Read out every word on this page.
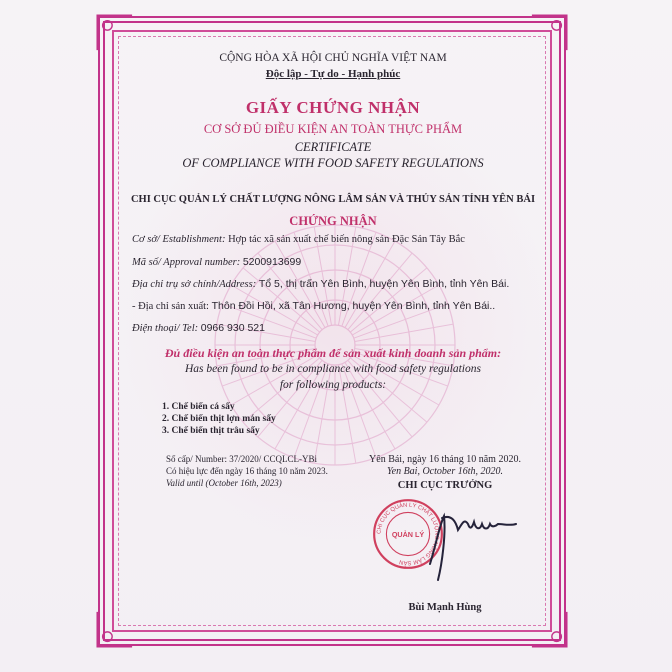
CỘNG HÒA XÃ HỘI CHỦ NGHĨA VIỆT NAM
Độc lập - Tự do - Hạnh phúc
GIẤY CHỨNG NHẬN
CƠ SỞ ĐỦ ĐIỀU KIỆN AN TOÀN THỰC PHẨM
CERTIFICATE
OF COMPLIANCE WITH FOOD SAFETY REGULATIONS
CHI CỤC QUẢN LÝ CHẤT LƯỢNG NÔNG LÂM SẢN VÀ THỦY SẢN TỈNH YÊN BÁI
CHỨNG NHẬN
Cơ sở/ Establishment: Hợp tác xã sản xuất chế biến nông sản Đặc Sản Tây Bắc
Mã số/ Approval number: 5200913699
Địa chỉ trụ sở chính/Address: Tổ 5, thị trấn Yên Bình, huyện Yên Bình, tỉnh Yên Bái.
- Địa chỉ sản xuất: Thôn Đồi Hồi, xã Tân Hương, huyện Yên Bình, tỉnh Yên Bái..
Điện thoại/ Tel: 0966 930 521
Đủ điều kiện an toàn thực phẩm để sản xuất kinh doanh sản phẩm:
Has been found to be in compliance with food safety regulations
for following products:
1. Chế biến cá sấy
2. Chế biến thịt lợn mán sấy
3. Chế biến thịt trâu sấy
Số cấp/ Number: 37/2020/ CCQLCL-YBi
Có hiệu lực đến ngày 16 tháng 10 năm 2023.
Valid until (October 16th, 2023)
Yên Bái, ngày 16 tháng 10 năm 2020.
Yen Bai, October 16th, 2020.
CHI CỤC TRƯỞNG
CHI CỤC QUẢN LÝ CHẤT LƯỢNG NÔNG LÂM SẢN
QUẢN LÝ
Bùi Mạnh Hùng
